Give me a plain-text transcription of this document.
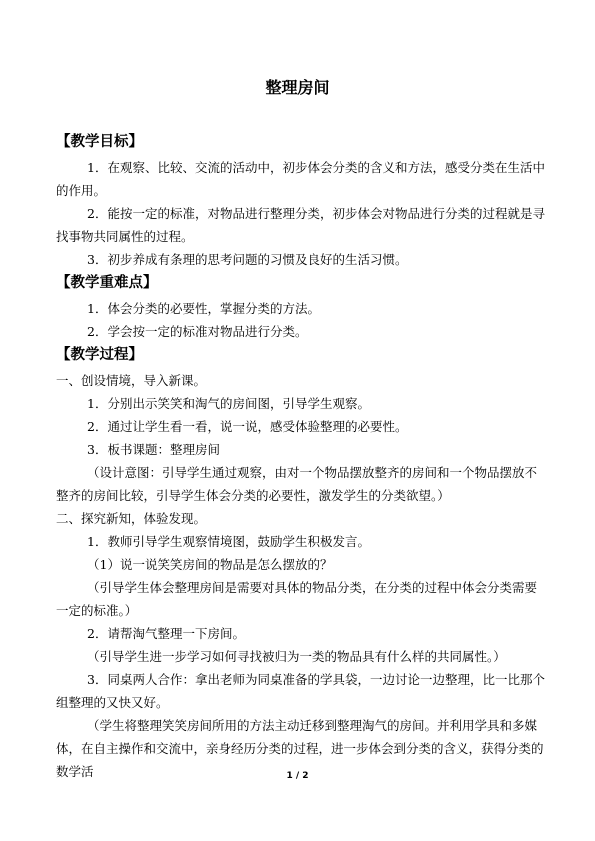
整理房间

【教学目标】

1．在观察、比较、交流的活动中，初步体会分类的含义和方法，感受分类在生活中的作用。

2．能按一定的标准，对物品进行整理分类，初步体会对物品进行分类的过程就是寻找事物共同属性的过程。

3．初步养成有条理的思考问题的习惯及良好的生活习惯。

【教学重难点】

1．体会分类的必要性，掌握分类的方法。

2．学会按一定的标准对物品进行分类。

【教学过程】

一、创设情境，导入新课。

1．分别出示笑笑和淘气的房间图，引导学生观察。

2．通过让学生看一看，说一说，感受体验整理的必要性。

3．板书课题：整理房间

（设计意图：引导学生通过观察，由对一个物品摆放整齐的房间和一个物品摆放不整齐的房间比较，引导学生体会分类的必要性，激发学生的分类欲望。）

二、探究新知，体验发现。

1．教师引导学生观察情境图，鼓励学生积极发言。

（1）说一说笑笑房间的物品是怎么摆放的？

（引导学生体会整理房间是需要对具体的物品分类，在分类的过程中体会分类需要一定的标准。）

2．请帮淘气整理一下房间。

（引导学生进一步学习如何寻找被归为一类的物品具有什么样的共同属性。）

3．同桌两人合作：拿出老师为同桌准备的学具袋，一边讨论一边整理，比一比那个组整理的又快又好。

（学生将整理笑笑房间所用的方法主动迁移到整理淘气的房间。并利用学具和多媒体，在自主操作和交流中，亲身经历分类的过程，进一步体会到分类的含义，获得分类的数学活	1 / 2
